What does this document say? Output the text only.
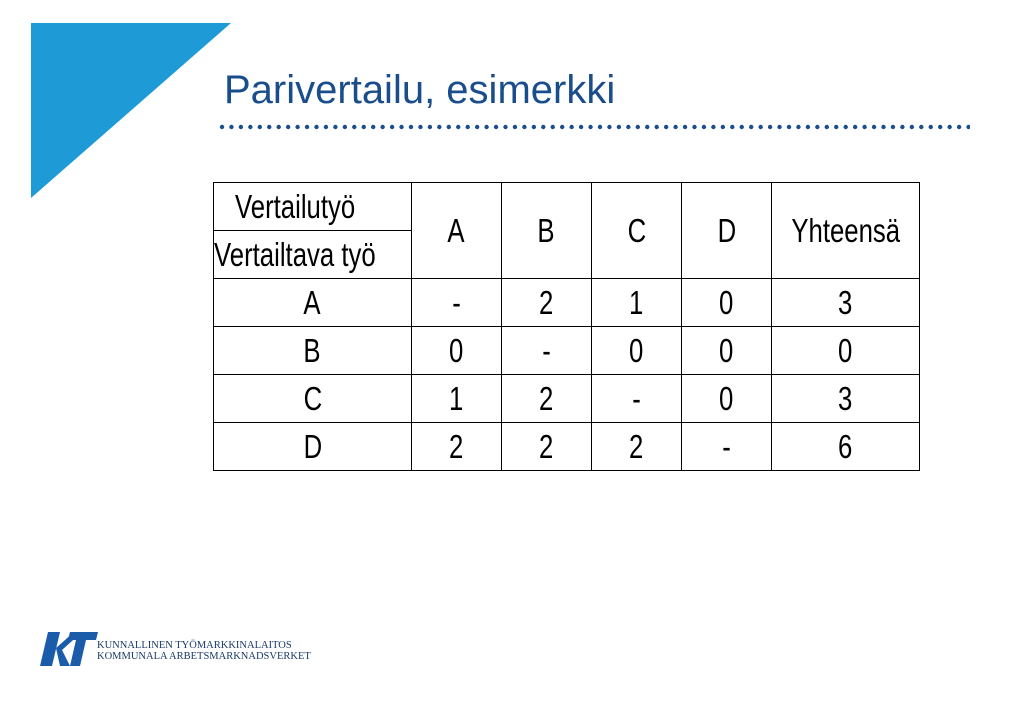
Parivertailu, esimerkki
Vertailutyö	A	B	C	D	Yhteensä
Vertailtava työ					
A	-	2	1	0	3
B	0	-	0	0	0
C	1	2	-	0	3
D	2	2	2	-	6
KUNNALLINEN TYÖMARKKINALAITOS
KOMMUNALA ARBETSMARKNADSVERKET
